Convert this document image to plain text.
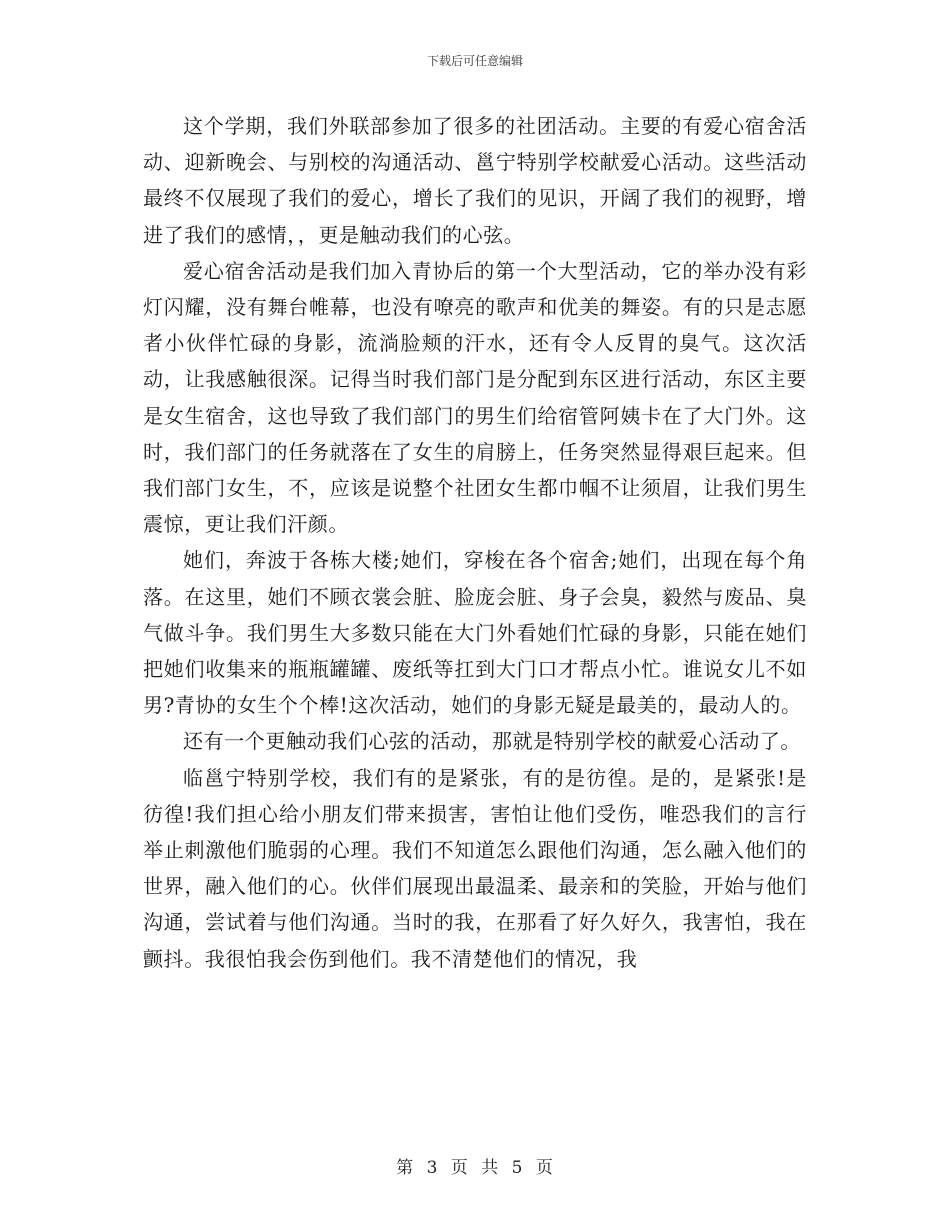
下载后可任意编辑

这个学期，我们外联部参加了很多的社团活动。主要的有爱心宿舍活动、迎新晚会、与别校的沟通活动、邕宁特别学校献爱心活动。这些活动最终不仅展现了我们的爱心，增长了我们的见识，开阔了我们的视野，增进了我们的感情，，更是触动我们的心弦。

爱心宿舍活动是我们加入青协后的第一个大型活动，它的举办没有彩灯闪耀，没有舞台帷幕，也没有嘹亮的歌声和优美的舞姿。有的只是志愿者小伙伴忙碌的身影，流淌脸颊的汗水，还有令人反胃的臭气。这次活动，让我感触很深。记得当时我们部门是分配到东区进行活动，东区主要是女生宿舍，这也导致了我们部门的男生们给宿管阿姨卡在了大门外。这时，我们部门的任务就落在了女生的肩膀上，任务突然显得艰巨起来。但我们部门女生，不，应该是说整个社团女生都巾帼不让须眉，让我们男生震惊，更让我们汗颜。

她们，奔波于各栋大楼;她们，穿梭在各个宿舍;她们，出现在每个角落。在这里，她们不顾衣裳会脏、脸庞会脏、身子会臭，毅然与废品、臭气做斗争。我们男生大多数只能在大门外看她们忙碌的身影，只能在她们把她们收集来的瓶瓶罐罐、废纸等扛到大门口才帮点小忙。谁说女儿不如男?青协的女生个个棒!这次活动，她们的身影无疑是最美的，最动人的。

还有一个更触动我们心弦的活动，那就是特别学校的献爱心活动了。

临邕宁特别学校，我们有的是紧张，有的是彷徨。是的，是紧张!是彷徨!我们担心给小朋友们带来损害，害怕让他们受伤，唯恐我们的言行举止刺激他们脆弱的心理。我们不知道怎么跟他们沟通，怎么融入他们的世界，融入他们的心。伙伴们展现出最温柔、最亲和的笑脸，开始与他们沟通，尝试着与他们沟通。当时的我，在那看了好久好久，我害怕，我在颤抖。我很怕我会伤到他们。我不清楚他们的情况，我

第 3 页 共 5 页
